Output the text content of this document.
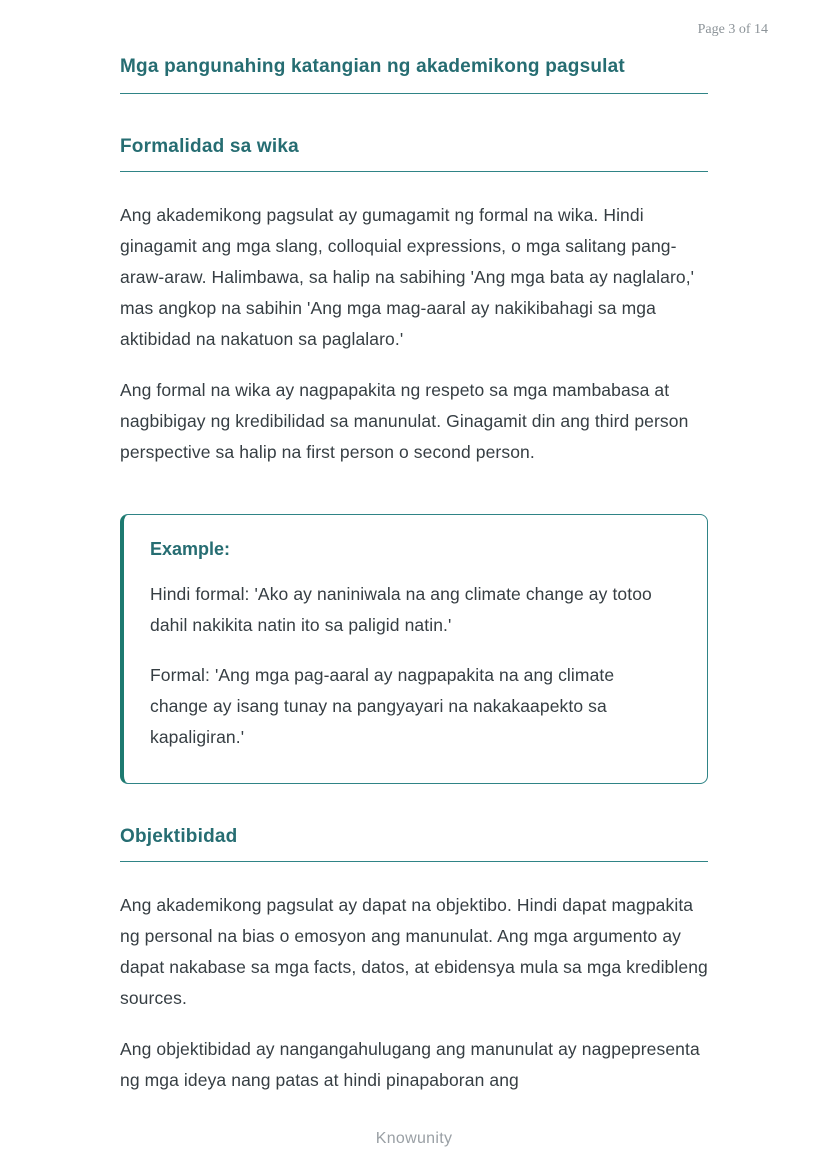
Page 3 of 14
Mga pangunahing katangian ng akademikong pagsulat
Formalidad sa wika

Ang akademikong pagsulat ay gumagamit ng formal na wika. Hindi ginagamit ang mga slang, colloquial expressions, o mga salitang pang-araw-araw. Halimbawa, sa halip na sabihing 'Ang mga bata ay naglalaro,' mas angkop na sabihin 'Ang mga mag-aaral ay nakikibahagi sa mga aktibidad na nakatuon sa paglalaro.'

Ang formal na wika ay nagpapakita ng respeto sa mga mambabasa at nagbibigay ng kredibilidad sa manunulat. Ginagamit din ang third person perspective sa halip na first person o second person.

Example:

Hindi formal: 'Ako ay naniniwala na ang climate change ay totoo dahil nakikita natin ito sa paligid natin.'

Formal: 'Ang mga pag-aaral ay nagpapakita na ang climate change ay isang tunay na pangyayari na nakakaapekto sa kapaligiran.'

Objektibidad

Ang akademikong pagsulat ay dapat na objektibo. Hindi dapat magpakita ng personal na bias o emosyon ang manunulat. Ang mga argumento ay dapat nakabase sa mga facts, datos, at ebidensya mula sa mga kredibleng sources.

Ang objektibidad ay nangangahulugang ang manunulat ay nagpepresenta ng mga ideya nang patas at hindi pinapaboran ang

Knowunity
